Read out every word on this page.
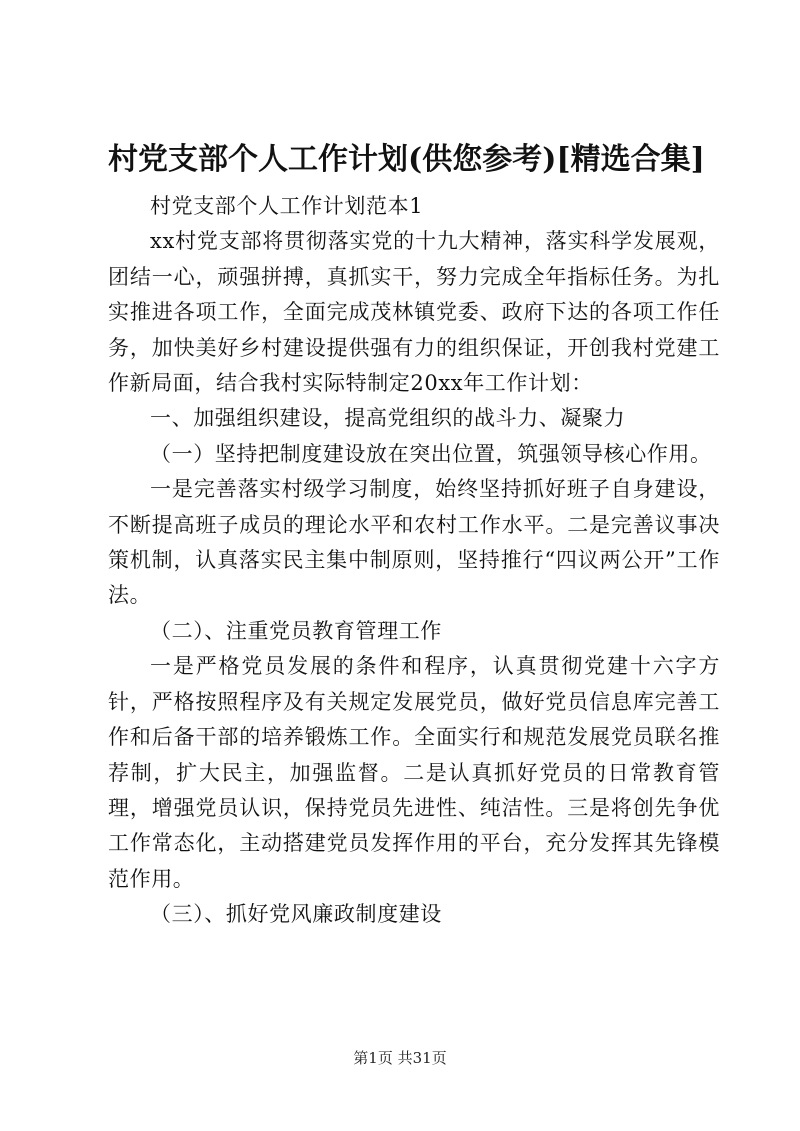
村党支部个人工作计划(供您参考)[精选合集]

村党支部个人工作计划范本1

xx村党支部将贯彻落实党的十九大精神，落实科学发展观，团结一心，顽强拼搏，真抓实干，努力完成全年指标任务。为扎实推进各项工作，全面完成茂林镇党委、政府下达的各项工作任务，加快美好乡村建设提供强有力的组织保证，开创我村党建工作新局面，结合我村实际特制定20xx年工作计划：

一、加强组织建设，提高党组织的战斗力、凝聚力

（一）坚持把制度建设放在突出位置，筑强领导核心作用。

一是完善落实村级学习制度，始终坚持抓好班子自身建设，不断提高班子成员的理论水平和农村工作水平。二是完善议事决策机制，认真落实民主集中制原则，坚持推行“四议两公开”工作法。

（二）、注重党员教育管理工作

一是严格党员发展的条件和程序，认真贯彻党建十六字方针，严格按照程序及有关规定发展党员，做好党员信息库完善工作和后备干部的培养锻炼工作。全面实行和规范发展党员联名推荐制，扩大民主，加强监督。二是认真抓好党员的日常教育管理，增强党员认识，保持党员先进性、纯洁性。三是将创先争优工作常态化，主动搭建党员发挥作用的平台，充分发挥其先锋模范作用。

（三）、抓好党风廉政制度建设

第1页 共31页
